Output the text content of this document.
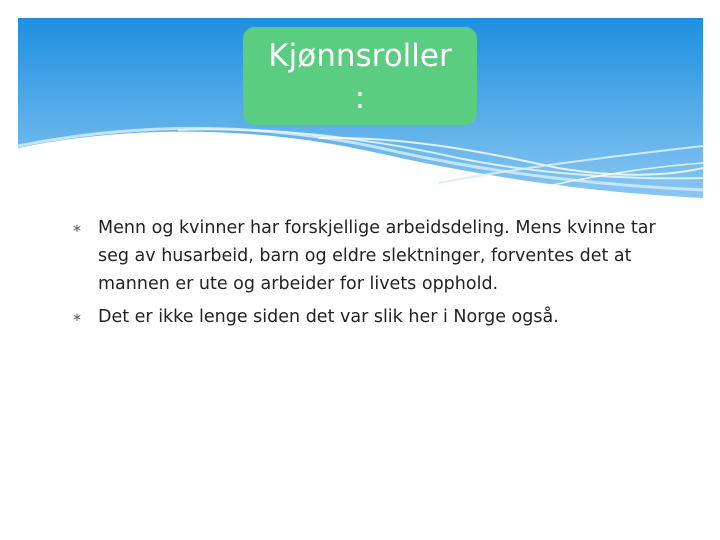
Kjønnsroller
:
∗ Menn og kvinner har forskjellige arbeidsdeling. Mens kvinne tar seg av husarbeid, barn og eldre slektninger, forventes det at mannen er ute og arbeider for livets opphold.
∗ Det er ikke lenge siden det var slik her i Norge også.
